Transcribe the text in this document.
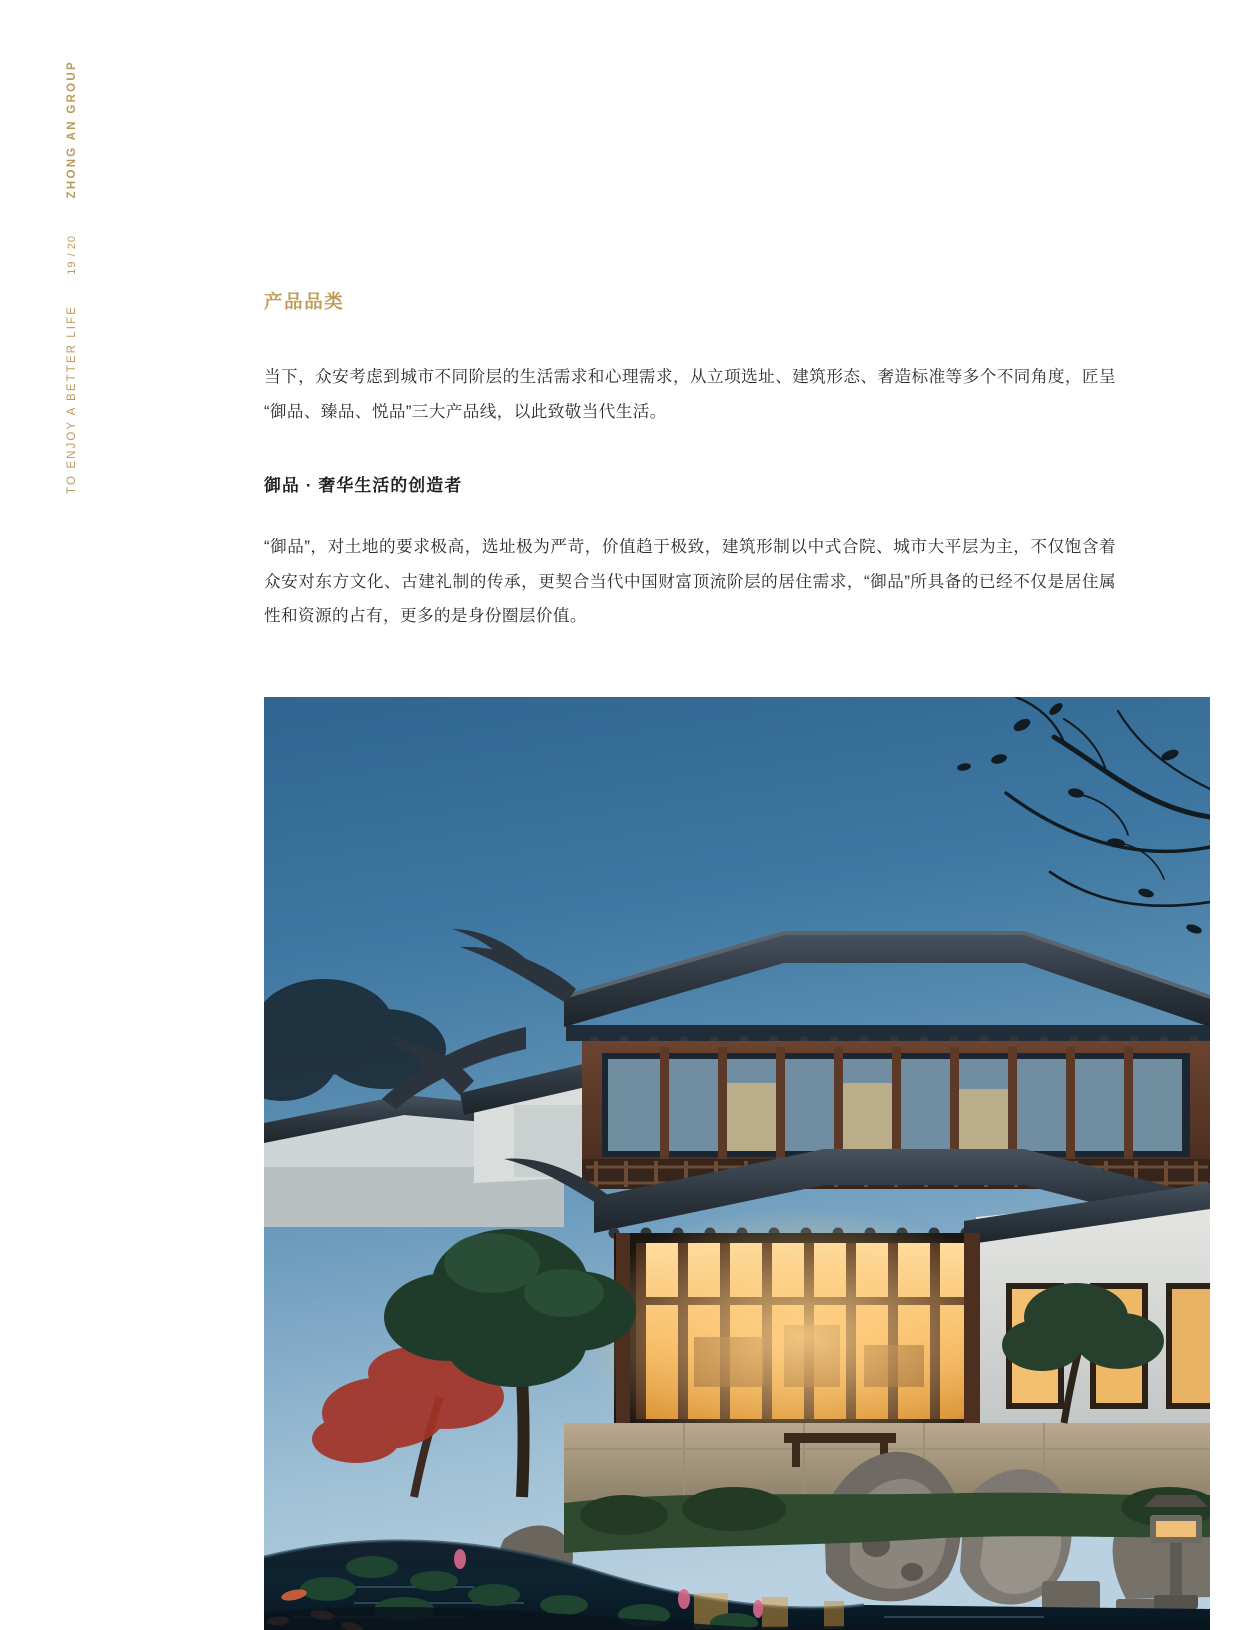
ZHONG AN GROUP
19 / 20
TO ENJOY A BETTER LIFE
产品品类

当下，众安考虑到城市不同阶层的生活需求和心理需求，从立项选址、建筑形态、奢造标准等多个不同角度，匠呈“御品、臻品、悦品”三大产品线，以此致敬当代生活。

御品 · 奢华生活的创造者

“御品”，对土地的要求极高，选址极为严苛，价值趋于极致，建筑形制以中式合院、城市大平层为主，不仅饱含着众安对东方文化、古建礼制的传承，更契合当代中国财富顶流阶层的居住需求，“御品”所具备的已经不仅是居住属性和资源的占有，更多的是身份圈层价值。
